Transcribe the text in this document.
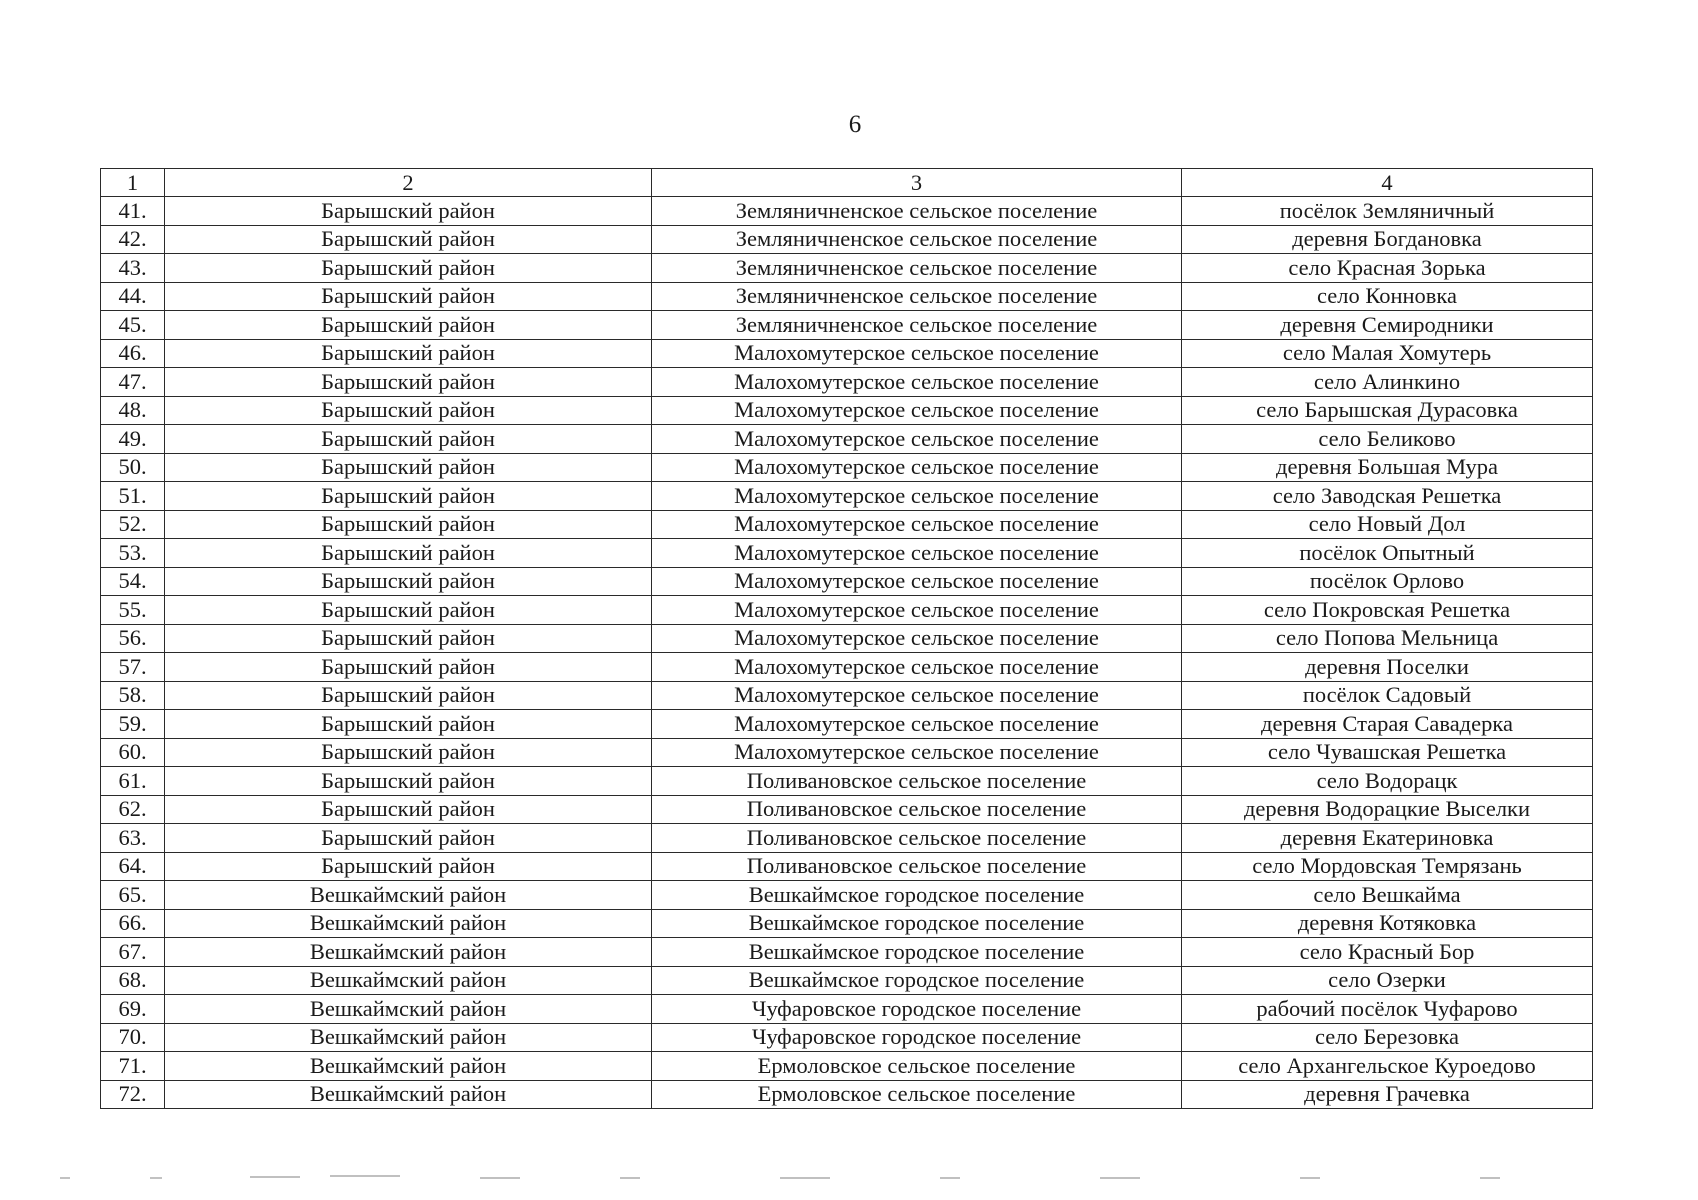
6
1	2	3	4
41.	Барышский район	Земляничненское сельское поселение	посёлок Земляничный
42.	Барышский район	Земляничненское сельское поселение	деревня Богдановка
43.	Барышский район	Земляничненское сельское поселение	село Красная Зорька
44.	Барышский район	Земляничненское сельское поселение	село Конновка
45.	Барышский район	Земляничненское сельское поселение	деревня Семиродники
46.	Барышский район	Малохомутерское сельское поселение	село Малая Хомутерь
47.	Барышский район	Малохомутерское сельское поселение	село Алинкино
48.	Барышский район	Малохомутерское сельское поселение	село Барышская Дурасовка
49.	Барышский район	Малохомутерское сельское поселение	село Беликово
50.	Барышский район	Малохомутерское сельское поселение	деревня Большая Мура
51.	Барышский район	Малохомутерское сельское поселение	село Заводская Решетка
52.	Барышский район	Малохомутерское сельское поселение	село Новый Дол
53.	Барышский район	Малохомутерское сельское поселение	посёлок Опытный
54.	Барышский район	Малохомутерское сельское поселение	посёлок Орлово
55.	Барышский район	Малохомутерское сельское поселение	село Покровская Решетка
56.	Барышский район	Малохомутерское сельское поселение	село Попова Мельница
57.	Барышский район	Малохомутерское сельское поселение	деревня Поселки
58.	Барышский район	Малохомутерское сельское поселение	посёлок Садовый
59.	Барышский район	Малохомутерское сельское поселение	деревня Старая Савадерка
60.	Барышский район	Малохомутерское сельское поселение	село Чувашская Решетка
61.	Барышский район	Поливановское сельское поселение	село Водорацк
62.	Барышский район	Поливановское сельское поселение	деревня Водорацкие Выселки
63.	Барышский район	Поливановское сельское поселение	деревня Екатериновка
64.	Барышский район	Поливановское сельское поселение	село Мордовская Темрязань
65.	Вешкаймский район	Вешкаймское городское поселение	село Вешкайма
66.	Вешкаймский район	Вешкаймское городское поселение	деревня Котяковка
67.	Вешкаймский район	Вешкаймское городское поселение	село Красный Бор
68.	Вешкаймский район	Вешкаймское городское поселение	село Озерки
69.	Вешкаймский район	Чуфаровское городское поселение	рабочий посёлок Чуфарово
70.	Вешкаймский район	Чуфаровское городское поселение	село Березовка
71.	Вешкаймский район	Ермоловское сельское поселение	село Архангельское Куроедово
72.	Вешкаймский район	Ермоловское сельское поселение	деревня Грачевка
